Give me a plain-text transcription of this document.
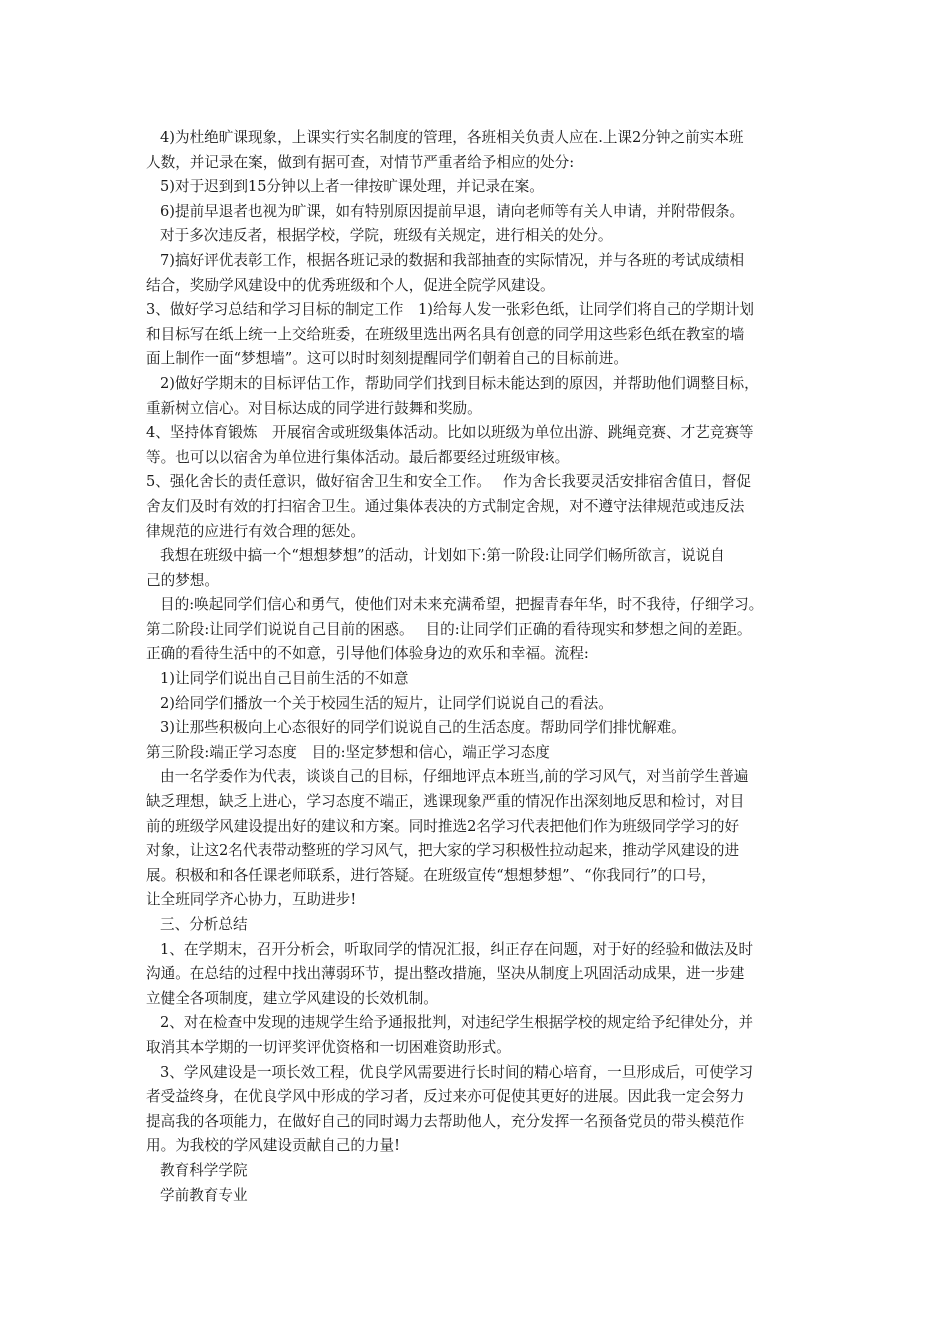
4)为杜绝旷课现象，上课实行实名制度的管理，各班相关负责人应在.上课2分钟之前实本班
人数，并记录在案，做到有据可查，对情节严重者给予相应的处分:
5)对于迟到到15分钟以上者一律按旷课处理，并记录在案。
6)提前早退者也视为旷课，如有特别原因提前早退，请向老师等有关人申请，并附带假条。
对于多次违反者，根据学校，学院，班级有关规定，进行相关的处分。
7)搞好评优表彰工作，根据各班记录的数据和我部抽查的实际情况，并与各班的考试成绩相
结合，奖励学风建设中的优秀班级和个人，促进全院学风建设。
3、做好学习总结和学习目标的制定工作　1)给每人发一张彩色纸，让同学们将自己的学期计划
和目标写在纸上统一上交给班委，在班级里选出两名具有创意的同学用这些彩色纸在教室的墙
面上制作一面“梦想墙”。这可以时时刻刻提醒同学们朝着自己的目标前进。
2)做好学期末的目标评估工作，帮助同学们找到目标未能达到的原因，并帮助他们调整目标，
重新树立信心。对目标达成的同学进行鼓舞和奖励。
4、坚持体育锻炼　开展宿舍或班级集体活动。比如以班级为单位出游、跳绳竞赛、才艺竞赛等
等。也可以以宿舍为单位进行集体活动。最后都要经过班级审核。
5、强化舍长的责任意识，做好宿舍卫生和安全工作。　 作为舍长我要灵活安排宿舍值日，督促
舍友们及时有效的打扫宿舍卫生。通过集体表决的方式制定舍规，对不遵守法律规范或违反法
律规范的应进行有效合理的惩处。
我想在班级中搞一个“想想梦想”的活动，计划如下:第一阶段:让同学们畅所欲言，说说自
己的梦想。
目的:唤起同学们信心和勇气，使他们对未来充满希望，把握青春年华，时不我待，仔细学习。
第二阶段:让同学们说说自己目前的困惑。　 目的:让同学们正确的看待现实和梦想之间的差距。
正确的看待生活中的不如意，引导他们体验身边的欢乐和幸福。流程:
1)让同学们说出自己目前生活的不如意
2)给同学们播放一个关于校园生活的短片，让同学们说说自己的看法。
3)让那些积极向上心态很好的同学们说说自己的生活态度。帮助同学们排忧解难。
第三阶段:端正学习态度　目的:坚定梦想和信心，端正学习态度
由一名学委作为代表，谈谈自己的目标，仔细地评点本班当,前的学习风气，对当前学生普遍
缺乏理想，缺乏上进心，学习态度不端正，逃课现象严重的情况作出深刻地反思和检讨，对目
前的班级学风建设提出好的建议和方案。同时推选2名学习代表把他们作为班级同学学习的好
对象，让这2名代表带动整班的学习风气，把大家的学习积极性拉动起来，推动学风建设的进
展。积极和和各任课老师联系，进行答疑。在班级宣传“想想梦想”、“你我同行”的口号，
让全班同学齐心协力，互助进步!
三、分析总结
1、在学期末，召开分析会，听取同学的情况汇报，纠正存在问题，对于好的经验和做法及时
沟通。在总结的过程中找出薄弱环节，提出整改措施，坚决从制度上巩固活动成果，进一步建
立健全各项制度，建立学风建设的长效机制。
2、对在检查中发现的违规学生给予通报批判，对违纪学生根据学校的规定给予纪律处分，并
取消其本学期的一切评奖评优资格和一切困难资助形式。
3、学风建设是一项长效工程，优良学风需要进行长时间的精心培育，一旦形成后，可使学习
者受益终身，在优良学风中形成的学习者，反过来亦可促使其更好的进展。因此我一定会努力
提高我的各项能力，在做好自己的同时竭力去帮助他人，充分发挥一名预备党员的带头模范作
用。为我校的学风建设贡献自己的力量!
教育科学学院
学前教育专业
